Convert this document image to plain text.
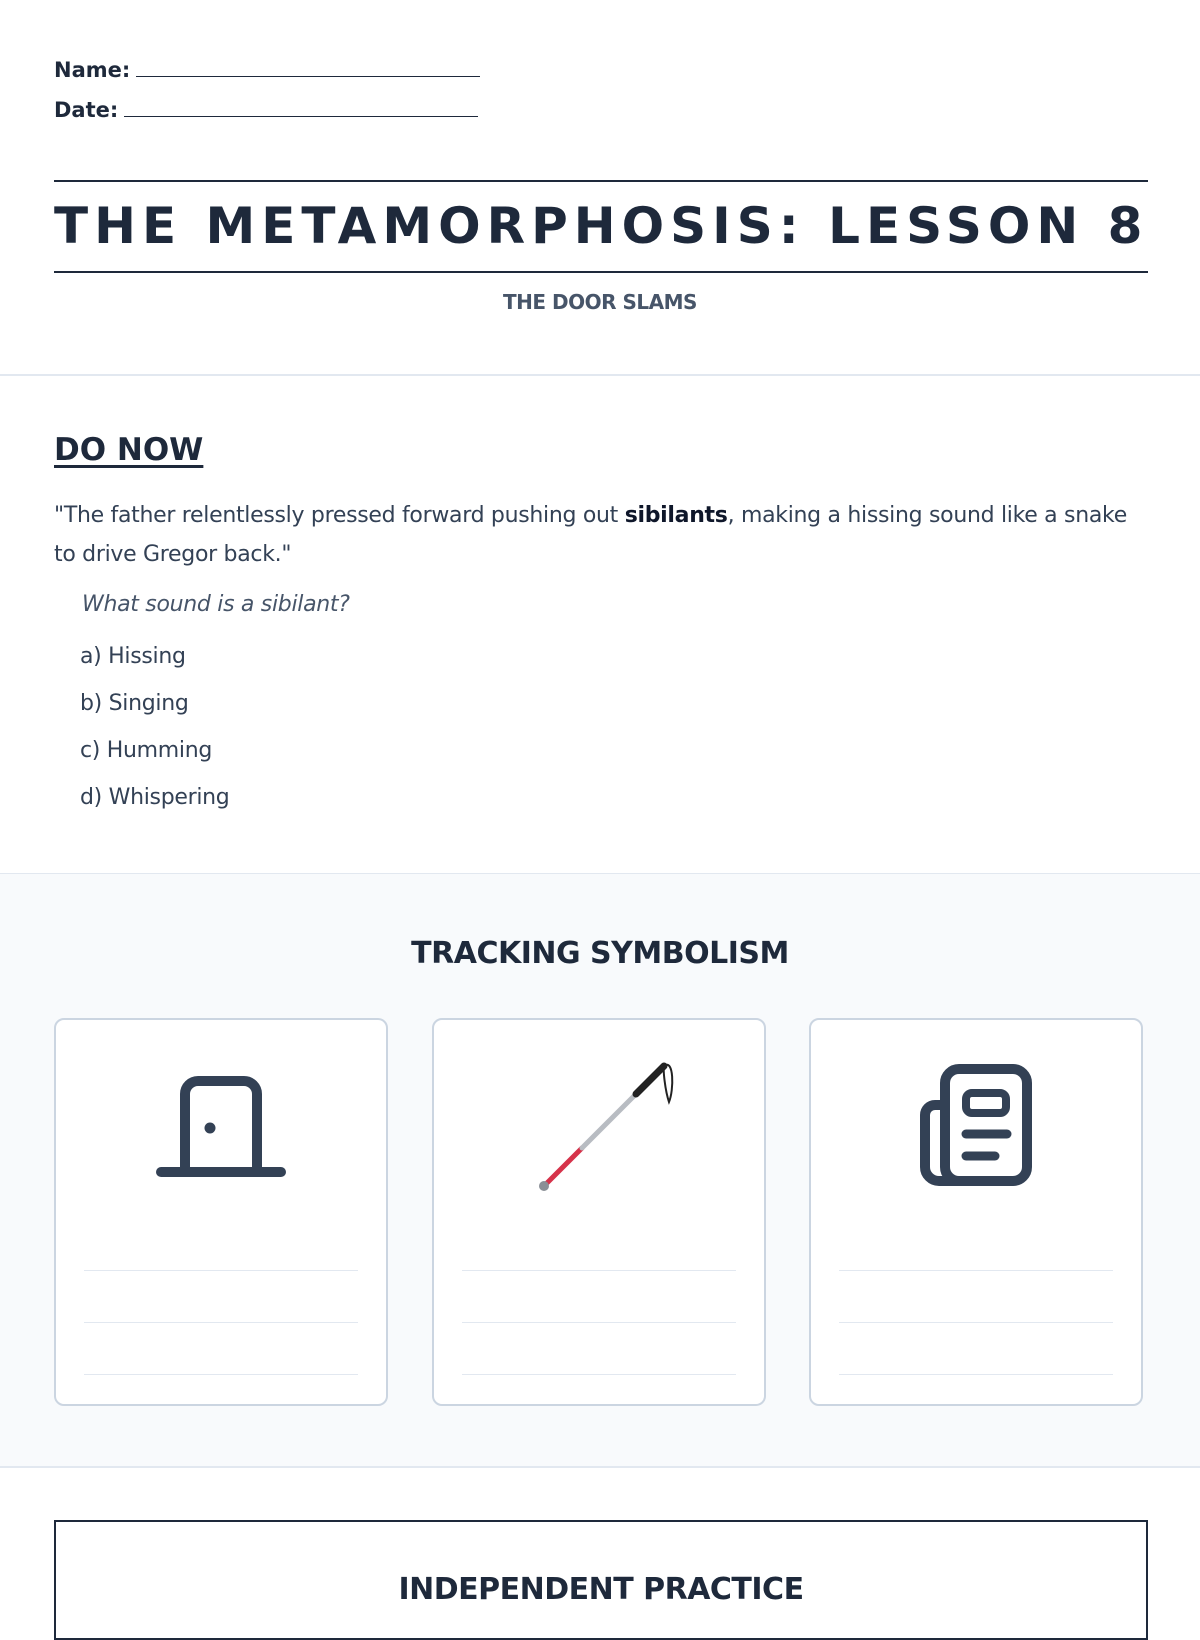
Name:
Date:
THE METAMORPHOSIS: LESSON 8
THE DOOR SLAMS
DO NOW
"The father relentlessly pressed forward pushing out sibilants, making a hissing sound like a snake to drive Gregor back."
What sound is a sibilant?
a) Hissing
b) Singing
c) Humming
d) Whispering
TRACKING SYMBOLISM
INDEPENDENT PRACTICE
